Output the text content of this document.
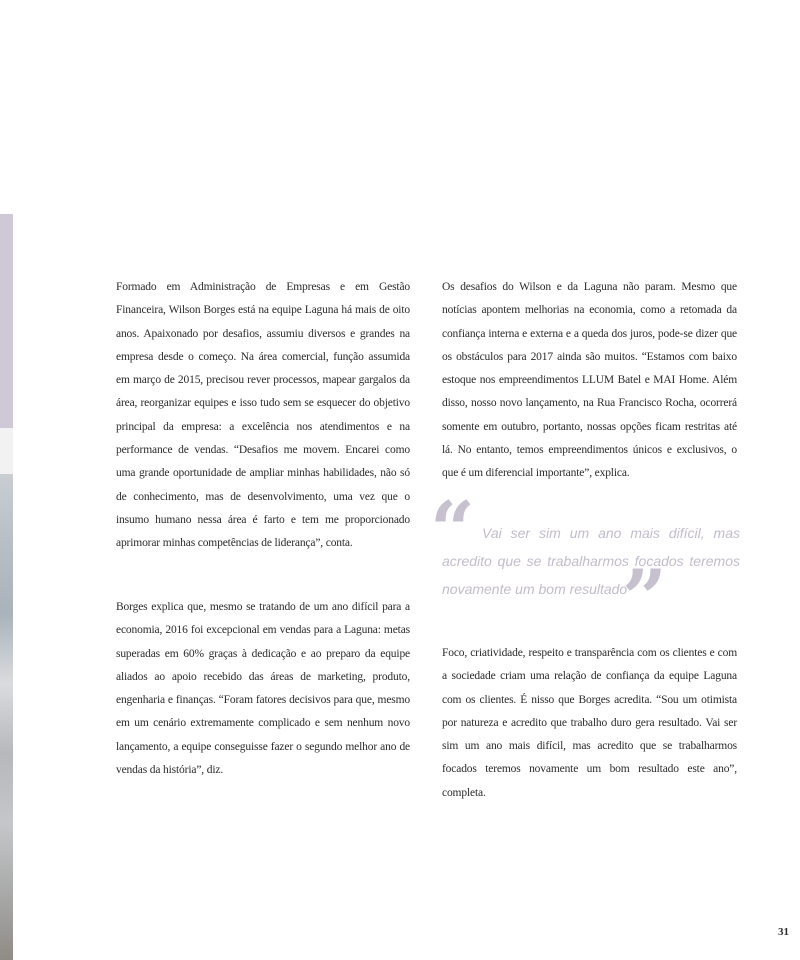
Formado em Administração de Empresas e em Gestão Financeira, Wilson Borges está na equipe Laguna há mais de oito anos. Apaixonado por desafios, assumiu diversos e grandes na empresa desde o começo. Na área comercial, função assumida em março de 2015, precisou rever processos, mapear gargalos da área, reorganizar equipes e isso tudo sem se esquecer do objetivo principal da empresa: a excelência nos atendimentos e na performance de vendas. “Desafios me movem. Encarei como uma grande oportunidade de ampliar minhas habilidades, não só de conhecimento, mas de desenvolvimento, uma vez que o insumo humano nessa área é farto e tem me proporcionado aprimorar minhas competências de liderança”, conta.

Borges explica que, mesmo se tratando de um ano difícil para a economia, 2016 foi excepcional em vendas para a Laguna: metas superadas em 60% graças à dedicação e ao preparo da equipe aliados ao apoio recebido das áreas de marketing, produto, engenharia e finanças. “Foram fatores decisivos para que, mesmo em um cenário extremamente complicado e sem nenhum novo lançamento, a equipe conseguisse fazer o segundo melhor ano de vendas da história”, diz.

Os desafios do Wilson e da Laguna não param. Mesmo que notícias apontem melhorias na economia, como a retomada da confiança interna e externa e a queda dos juros, pode-se dizer que os obstáculos para 2017 ainda são muitos. “Estamos com baixo estoque nos empreendimentos LLUM Batel e MAI Home. Além disso, nosso novo lançamento, na Rua Francisco Rocha, ocorrerá somente em outubro, portanto, nossas opções ficam restritas até lá. No entanto, temos empreendimentos únicos e exclusivos, o que é um diferencial importante”, explica.

“ Vai ser sim um ano mais difícil, mas acredito que se trabalharmos focados teremos novamente um bom resultado
”

Foco, criatividade, respeito e transparência com os clientes e com a sociedade criam uma relação de confiança da equipe Laguna com os clientes. É nisso que Borges acredita. “Sou um otimista por natureza e acredito que trabalho duro gera resultado. Vai ser sim um ano mais difícil, mas acredito que se trabalharmos focados teremos novamente um bom resultado este ano”, completa.

31
